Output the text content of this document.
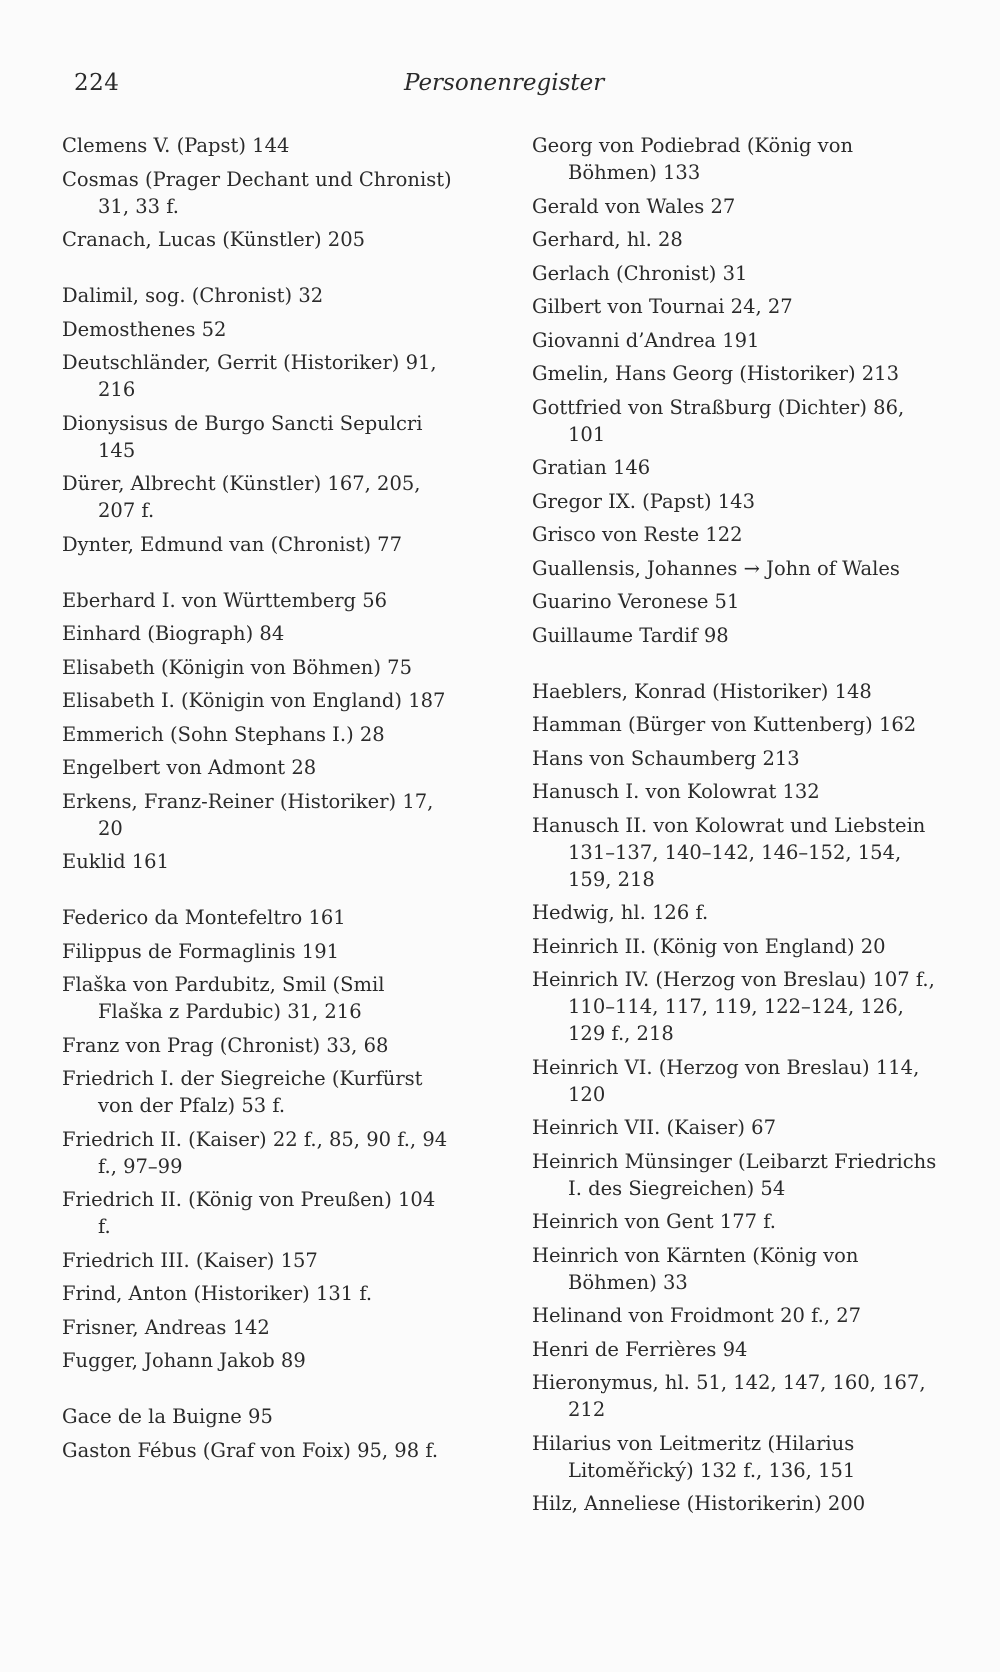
224	Personenregister
Clemens V. (Papst) 144
Cosmas (Prager Dechant und Chronist) 31, 33 f.
Cranach, Lucas (Künstler) 205
Dalimil, sog. (Chronist) 32
Demosthenes 52
Deutschländer, Gerrit (Historiker) 91, 216
Dionysisus de Burgo Sancti Sepulcri 145
Dürer, Albrecht (Künstler) 167, 205, 207 f.
Dynter, Edmund van (Chronist) 77
Eberhard I. von Württemberg 56
Einhard (Biograph) 84
Elisabeth (Königin von Böhmen) 75
Elisabeth I. (Königin von England) 187
Emmerich (Sohn Stephans I.) 28
Engelbert von Admont 28
Erkens, Franz-Reiner (Historiker) 17, 20
Euklid 161
Federico da Montefeltro 161
Filippus de Formaglinis 191
Flaška von Pardubitz, Smil (Smil Flaška z Pardubic) 31, 216
Franz von Prag (Chronist) 33, 68
Friedrich I. der Siegreiche (Kurfürst von der Pfalz) 53 f.
Friedrich II. (Kaiser) 22 f., 85, 90 f., 94 f., 97–99
Friedrich II. (König von Preußen) 104 f.
Friedrich III. (Kaiser) 157
Frind, Anton (Historiker) 131 f.
Frisner, Andreas 142
Fugger, Johann Jakob 89
Gace de la Buigne 95
Gaston Fébus (Graf von Foix) 95, 98 f.
Georg von Podiebrad (König von Böhmen) 133
Gerald von Wales 27
Gerhard, hl. 28
Gerlach (Chronist) 31
Gilbert von Tournai 24, 27
Giovanni d’Andrea 191
Gmelin, Hans Georg (Historiker) 213
Gottfried von Straßburg (Dichter) 86, 101
Gratian 146
Gregor IX. (Papst) 143
Grisco von Reste 122
Guallensis, Johannes → John of Wales
Guarino Veronese 51
Guillaume Tardif 98
Haeblers, Konrad (Historiker) 148
Hamman (Bürger von Kuttenberg) 162
Hans von Schaumberg 213
Hanusch I. von Kolowrat 132
Hanusch II. von Kolowrat und Liebstein 131–137, 140–142, 146–152, 154, 159, 218
Hedwig, hl. 126 f.
Heinrich II. (König von England) 20
Heinrich IV. (Herzog von Breslau) 107 f., 110–114, 117, 119, 122–124, 126, 129 f., 218
Heinrich VI. (Herzog von Breslau) 114, 120
Heinrich VII. (Kaiser) 67
Heinrich Münsinger (Leibarzt Friedrichs I. des Siegreichen) 54
Heinrich von Gent 177 f.
Heinrich von Kärnten (König von Böhmen) 33
Helinand von Froidmont 20 f., 27
Henri de Ferrières 94
Hieronymus, hl. 51, 142, 147, 160, 167, 212
Hilarius von Leitmeritz (Hilarius Litoměřický) 132 f., 136, 151
Hilz, Anneliese (Historikerin) 200
